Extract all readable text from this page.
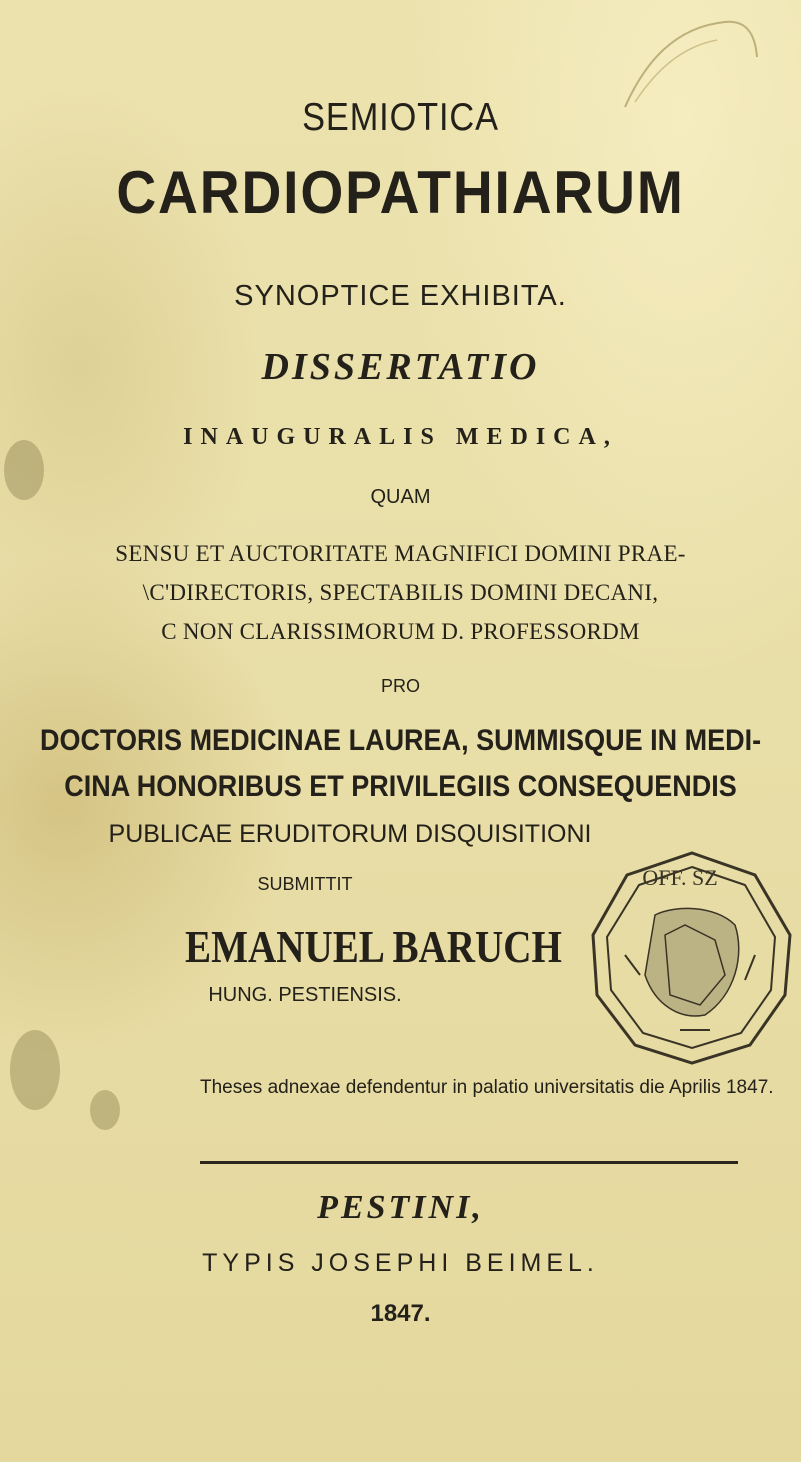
SEMIOTICA
CARDIOPATHIARUM
SYNOPTICE EXHIBITA.
DISSERTATIO
INAUGURALIS MEDICA,
QUAM
SENSU ET AUCTORITATE MAGNIFICI DOMINI PRAE-
\C'DIRECTORIS, SPECTABILIS DOMINI DECANI,
C NON CLARISSIMORUM D. PROFESSORDM
PRO
DOCTORIS MEDICINAE LAUREA, SUMMISQUE IN MEDI-
CINA HONORIBUS ET PRIVILEGIIS CONSEQUENDIS
PUBLICAE ERUDITORUM DISQUISITIONI
SUBMITTIT
EMANUEL BARUCH
HUNG. PESTIENSIS.
OFF. SZ
Theses adnexae defendentur in palatio universitatis die Aprilis 1847.
PESTINI,
TYPIS JOSEPHI BEIMEL.
1847.
